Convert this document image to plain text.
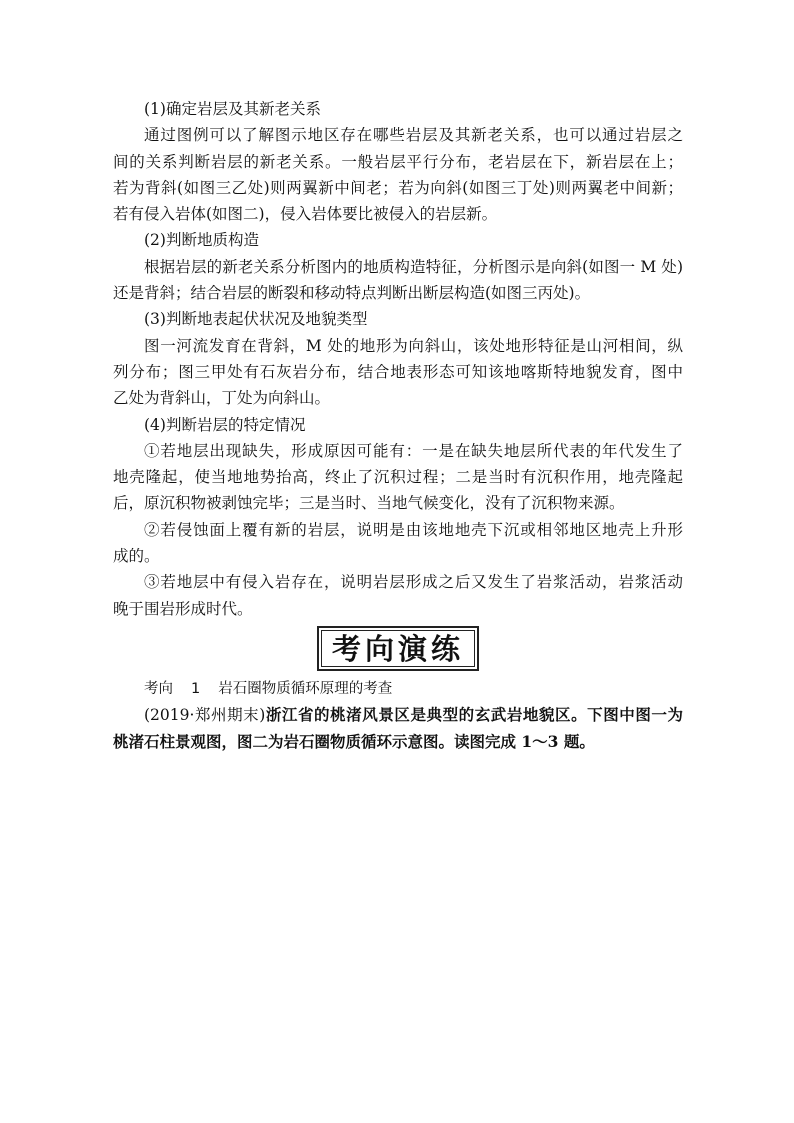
(1)确定岩层及其新老关系
通过图例可以了解图示地区存在哪些岩层及其新老关系，也可以通过岩层之
间的关系判断岩层的新老关系。一般岩层平行分布，老岩层在下，新岩层在上；
若为背斜(如图三乙处)则两翼新中间老；若为向斜(如图三丁处)则两翼老中间新；
若有侵入岩体(如图二)，侵入岩体要比被侵入的岩层新。
(2)判断地质构造
根据岩层的新老关系分析图内的地质构造特征，分析图示是向斜(如图一 M 处)
还是背斜；结合岩层的断裂和移动特点判断出断层构造(如图三丙处)。
(3)判断地表起伏状况及地貌类型
图一河流发育在背斜，M 处的地形为向斜山，该处地形特征是山河相间，纵
列分布；图三甲处有石灰岩分布，结合地表形态可知该地喀斯特地貌发育，图中
乙处为背斜山，丁处为向斜山。
(4)判断岩层的特定情况
①若地层出现缺失，形成原因可能有：一是在缺失地层所代表的年代发生了
地壳隆起，使当地地势抬高，终止了沉积过程；二是当时有沉积作用，地壳隆起
后，原沉积物被剥蚀完毕；三是当时、当地气候变化，没有了沉积物来源。
②若侵蚀面上覆有新的岩层，说明是由该地地壳下沉或相邻地区地壳上升形
成的。
③若地层中有侵入岩存在，说明岩层形成之后又发生了岩浆活动，岩浆活动
晚于围岩形成时代。
考向演练
考向 1 岩石圈物质循环原理的考查
(2019·郑州期末)浙江省的桃渚风景区是典型的玄武岩地貌区。下图中图一为
桃渚石柱景观图，图二为岩石圈物质循环示意图。读图完成 1～3 题。
